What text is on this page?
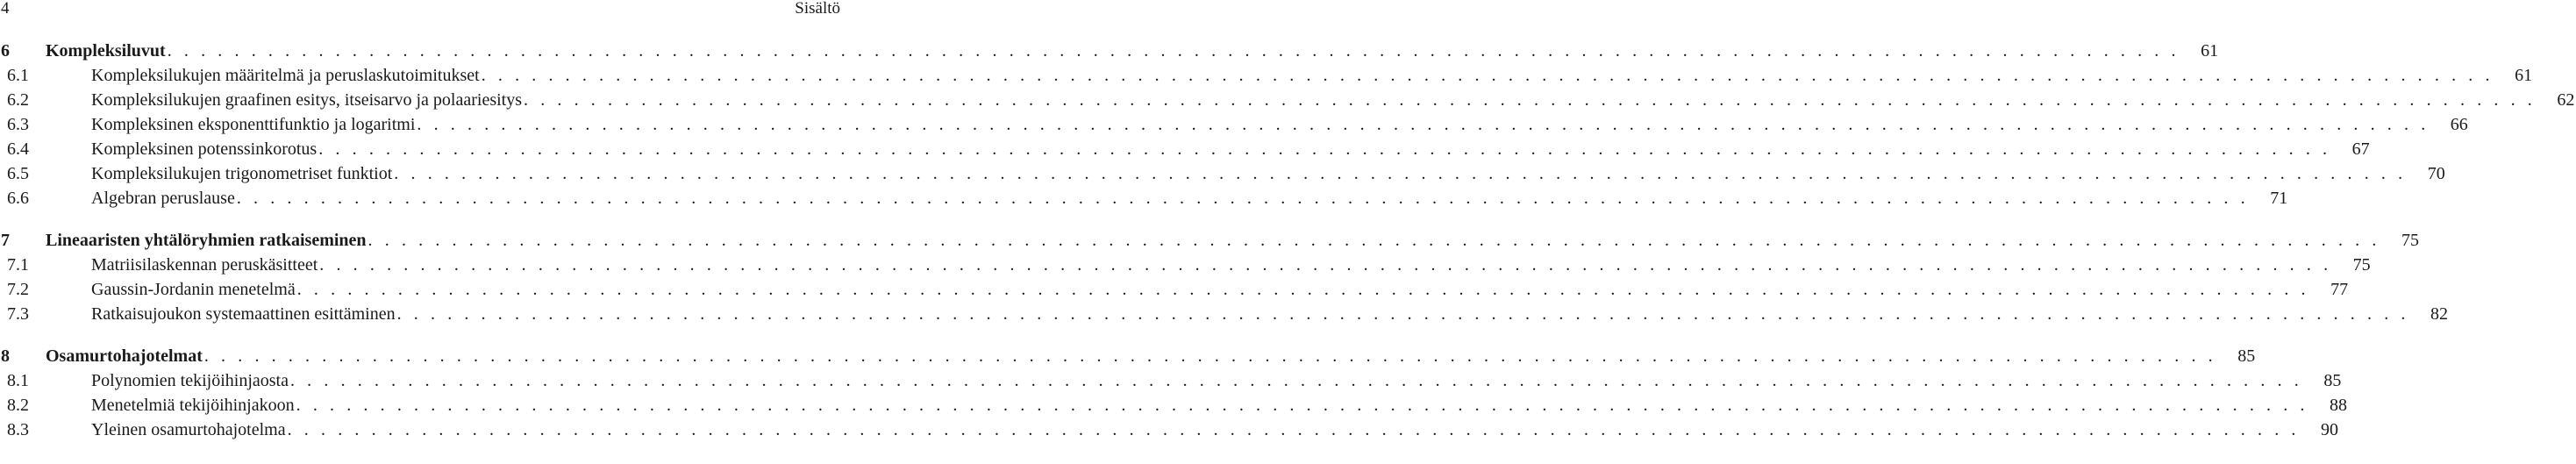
4	Sisältö
6	Kompleksiluvut . . . . . . . . . . . . . . . . . . . . . . . . . . . . . . . . . . . . . . . . . . . . . . . . . . . . . . . . . . . . . . . . . . . . . . . . . . . . . . . . . . . . . . . . . . . . . . . . . . . . . . . . . . . . . . . . . . . . . . . .	61
6.1	Kompleksilukujen määritelmä ja peruslaskutoimitukset . . . . . . . . . . . . . . . . . . . . . . . . . . . . . . . . . . . . . . . . . . . . . . . . . . . . . . . . . . . . . . . . . . . . . . . . . . . . . . . . . . . . . . . . . . . . . . . . . . . . . . . . . . . . . . . . . . . . . . . .	61
6.2	Kompleksilukujen graafinen esitys, itseisarvo ja polaariesitys . . . . . . . . . . . . . . . . . . . . . . . . . . . . . . . . . . . . . . . . . . . . . . . . . . . . . . . . . . . . . . . . . . . . . . . . . . . . . . . . . . . . . . . . . . . . . . . . . . . . . . . . . . . . . . . . . . . . . . . .	62
6.3	Kompleksinen eksponenttifunktio ja logaritmi . . . . . . . . . . . . . . . . . . . . . . . . . . . . . . . . . . . . . . . . . . . . . . . . . . . . . . . . . . . . . . . . . . . . . . . . . . . . . . . . . . . . . . . . . . . . . . . . . . . . . . . . . . . . . . . . . . . . . . . .	66
6.4	Kompleksinen potenssinkorotus . . . . . . . . . . . . . . . . . . . . . . . . . . . . . . . . . . . . . . . . . . . . . . . . . . . . . . . . . . . . . . . . . . . . . . . . . . . . . . . . . . . . . . . . . . . . . . . . . . . . . . . . . . . . . . . . . . . . . . . .	67
6.5	Kompleksilukujen trigonometriset funktiot . . . . . . . . . . . . . . . . . . . . . . . . . . . . . . . . . . . . . . . . . . . . . . . . . . . . . . . . . . . . . . . . . . . . . . . . . . . . . . . . . . . . . . . . . . . . . . . . . . . . . . . . . . . . . . . . . . . . . . . .	70
6.6	Algebran peruslause . . . . . . . . . . . . . . . . . . . . . . . . . . . . . . . . . . . . . . . . . . . . . . . . . . . . . . . . . . . . . . . . . . . . . . . . . . . . . . . . . . . . . . . . . . . . . . . . . . . . . . . . . . . . . . . . . . . . . . . .	71
7	Lineaaristen yhtälöryhmien ratkaiseminen . . . . . . . . . . . . . . . . . . . . . . . . . . . . . . . . . . . . . . . . . . . . . . . . . . . . . . . . . . . . . . . . . . . . . . . . . . . . . . . . . . . . . . . . . . . . . . . . . . . . . . . . . . . . . . . . . . . . . . . .	75
7.1	Matriisilaskennan peruskäsitteet . . . . . . . . . . . . . . . . . . . . . . . . . . . . . . . . . . . . . . . . . . . . . . . . . . . . . . . . . . . . . . . . . . . . . . . . . . . . . . . . . . . . . . . . . . . . . . . . . . . . . . . . . . . . . . . . . . . . . . . .	75
7.2	Gaussin-Jordanin menetelmä . . . . . . . . . . . . . . . . . . . . . . . . . . . . . . . . . . . . . . . . . . . . . . . . . . . . . . . . . . . . . . . . . . . . . . . . . . . . . . . . . . . . . . . . . . . . . . . . . . . . . . . . . . . . . . . . . . . . . . . .	77
7.3	Ratkaisujoukon systemaattinen esittäminen . . . . . . . . . . . . . . . . . . . . . . . . . . . . . . . . . . . . . . . . . . . . . . . . . . . . . . . . . . . . . . . . . . . . . . . . . . . . . . . . . . . . . . . . . . . . . . . . . . . . . . . . . . . . . . . . . . . . . . . .	82
8	Osamurtohajotelmat . . . . . . . . . . . . . . . . . . . . . . . . . . . . . . . . . . . . . . . . . . . . . . . . . . . . . . . . . . . . . . . . . . . . . . . . . . . . . . . . . . . . . . . . . . . . . . . . . . . . . . . . . . . . . . . . . . . . . . . .	85
8.1	Polynomien tekijöihinjaosta . . . . . . . . . . . . . . . . . . . . . . . . . . . . . . . . . . . . . . . . . . . . . . . . . . . . . . . . . . . . . . . . . . . . . . . . . . . . . . . . . . . . . . . . . . . . . . . . . . . . . . . . . . . . . . . . . . . . . . . .	85
8.2	Menetelmiä tekijöihinjakoon . . . . . . . . . . . . . . . . . . . . . . . . . . . . . . . . . . . . . . . . . . . . . . . . . . . . . . . . . . . . . . . . . . . . . . . . . . . . . . . . . . . . . . . . . . . . . . . . . . . . . . . . . . . . . . . . . . . . . . . .	88
8.3	Yleinen osamurtohajotelma . . . . . . . . . . . . . . . . . . . . . . . . . . . . . . . . . . . . . . . . . . . . . . . . . . . . . . . . . . . . . . . . . . . . . . . . . . . . . . . . . . . . . . . . . . . . . . . . . . . . . . . . . . . . . . . . . . . . . . . .	90
